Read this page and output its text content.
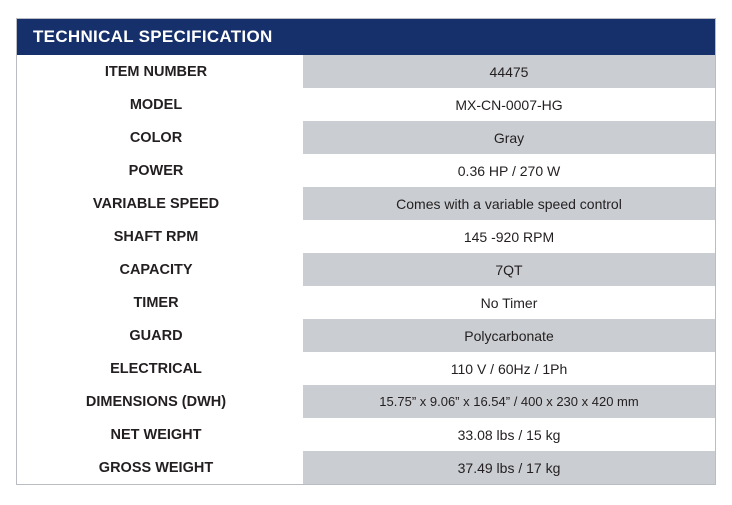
TECHNICAL SPECIFICATION
ITEM NUMBER		44475
MODEL		MX-CN-0007-HG
COLOR		Gray
POWER		0.36 HP / 270 W
VARIABLE SPEED		Comes with a variable speed control
SHAFT RPM		145 -920 RPM
CAPACITY		7QT
TIMER		No Timer
GUARD		Polycarbonate
ELECTRICAL		110 V / 60Hz / 1Ph
DIMENSIONS (DWH)		15.75” x 9.06” x 16.54” / 400 x 230 x 420 mm
NET WEIGHT		33.08 lbs / 15 kg
GROSS WEIGHT		37.49 lbs / 17 kg
